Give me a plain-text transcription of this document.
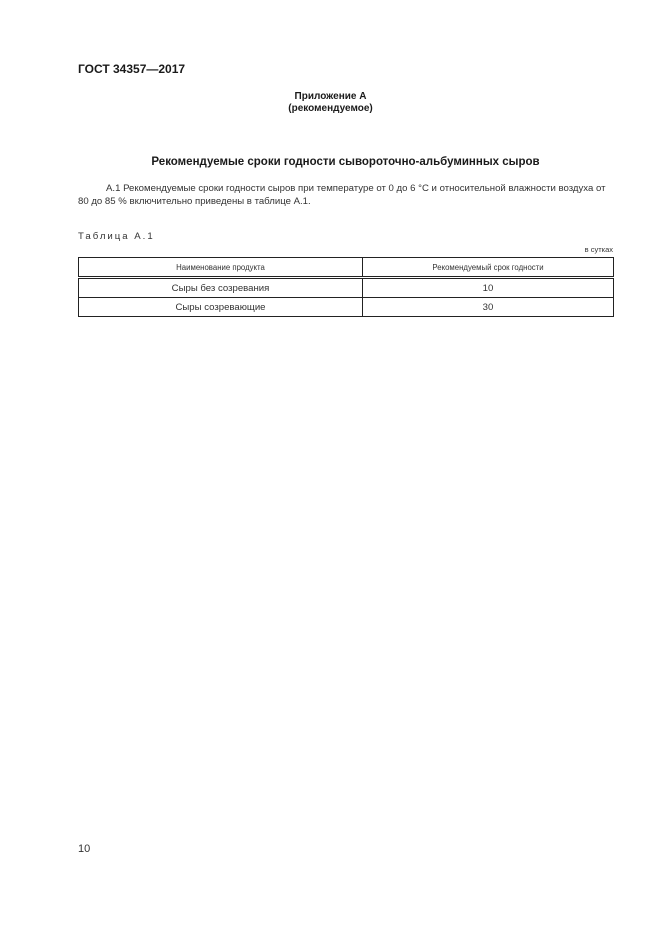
ГОСТ 34357—2017
Приложение А
(рекомендуемое)
Рекомендуемые сроки годности сывороточно-альбуминных сыров
А.1 Рекомендуемые сроки годности сыров при температуре от 0 до 6 °С и относительной влажности воздуха от 80 до 85 % включительно приведены в таблице А.1.
Таблица А.1
в сутках
Наименование продукта	Рекомендуемый срок годности
Сыры без созревания	10
Сыры созревающие	30
10
